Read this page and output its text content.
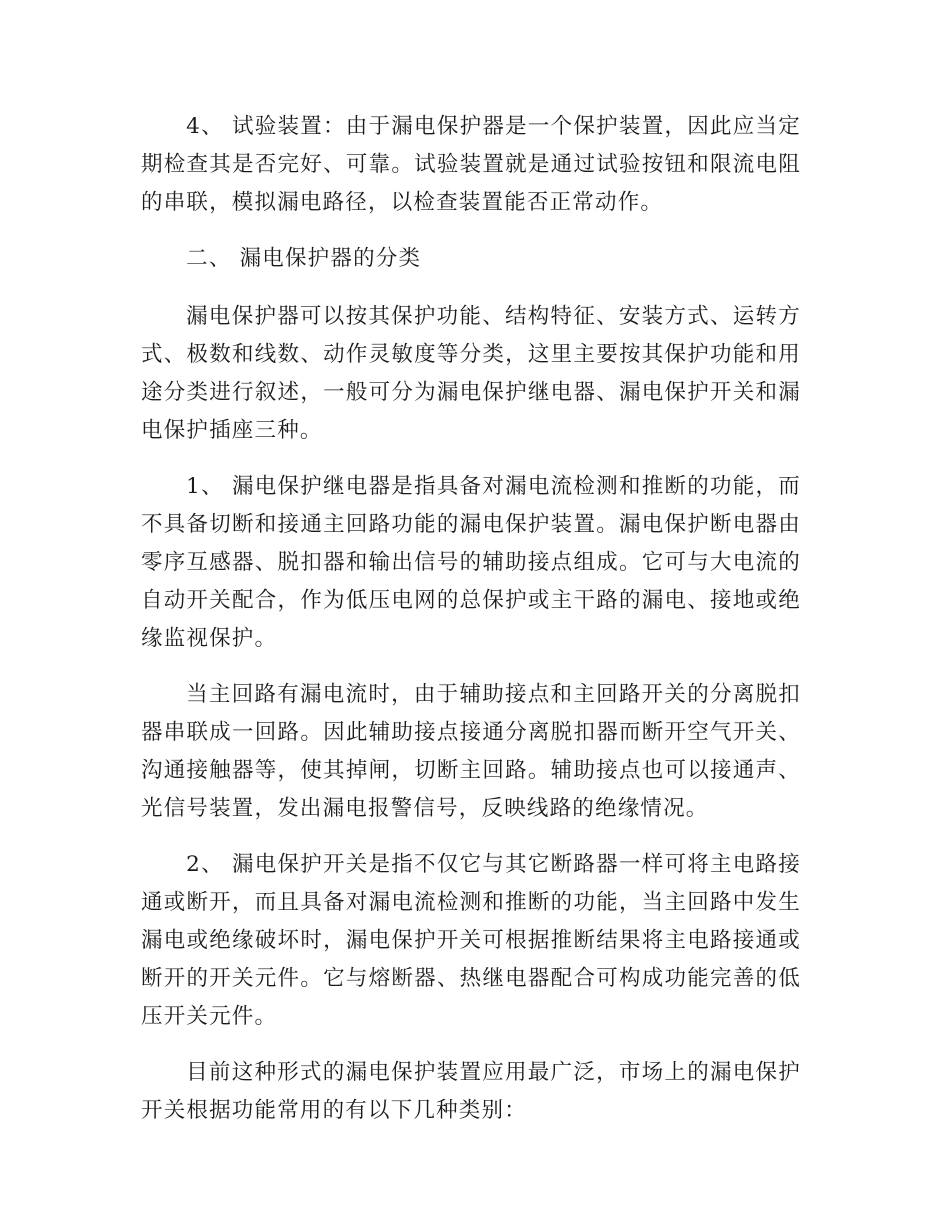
4、 试验装置：由于漏电保护器是一个保护装置，因此应当定期检查其是否完好、可靠。试验装置就是通过试验按钮和限流电阻的串联，模拟漏电路径，以检查装置能否正常动作。

二、 漏电保护器的分类

漏电保护器可以按其保护功能、结构特征、安装方式、运转方式、极数和线数、动作灵敏度等分类，这里主要按其保护功能和用途分类进行叙述，一般可分为漏电保护继电器、漏电保护开关和漏电保护插座三种。

1、 漏电保护继电器是指具备对漏电流检测和推断的功能，而不具备切断和接通主回路功能的漏电保护装置。漏电保护断电器由零序互感器、脱扣器和输出信号的辅助接点组成。它可与大电流的自动开关配合，作为低压电网的总保护或主干路的漏电、接地或绝缘监视保护。

当主回路有漏电流时，由于辅助接点和主回路开关的分离脱扣器串联成一回路。因此辅助接点接通分离脱扣器而断开空气开关、沟通接触器等，使其掉闸，切断主回路。辅助接点也可以接通声、光信号装置，发出漏电报警信号，反映线路的绝缘情况。

2、 漏电保护开关是指不仅它与其它断路器一样可将主电路接通或断开，而且具备对漏电流检测和推断的功能，当主回路中发生漏电或绝缘破坏时，漏电保护开关可根据推断结果将主电路接通或断开的开关元件。它与熔断器、热继电器配合可构成功能完善的低压开关元件。

目前这种形式的漏电保护装置应用最广泛，市场上的漏电保护开关根据功能常用的有以下几种类别：
